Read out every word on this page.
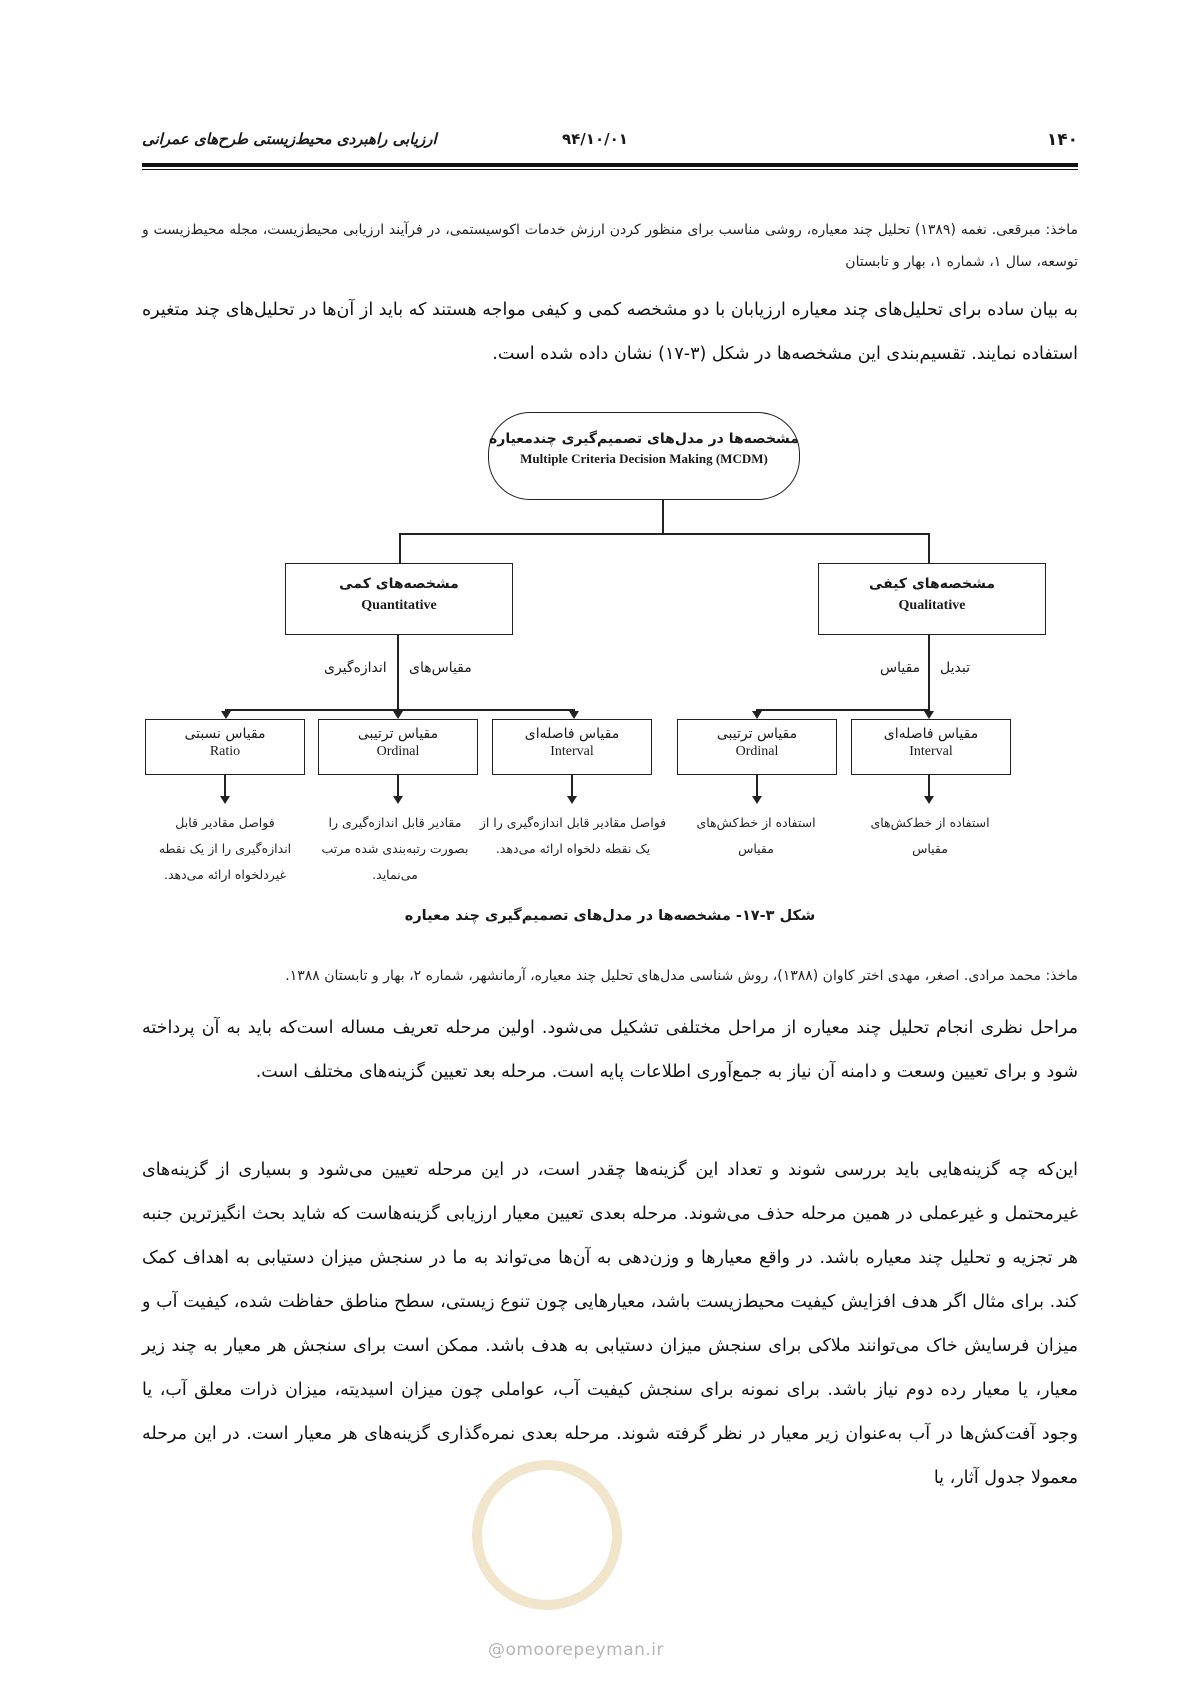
۱۴۰
۹۴/۱۰/۰۱
ارزیابی راهبردی محیط‌زیستی طرح‌های عمرانی
ماخذ: مبرقعی. نغمه (۱۳۸۹) تحلیل چند معیاره، روشی مناسب برای منظور کردن ارزش خدمات اکوسیستمی، در فرآیند ارزیابی محیط‌زیست، مجله محیط‌زیست و توسعه، سال ۱، شماره ۱، بهار و تابستان
به بیان ساده برای تحلیل‌های چند معیاره ارزیابان با دو مشخصه کمی و کیفی مواجه هستند که باید از آن‌ها در تحلیل‌های چند متغیره استفاده نمایند. تقسیم‌بندی این مشخصه‌ها در شکل (۳-۱۷) نشان داده شده است.
مشخصه‌ها در مدل‌های تصمیم‌گیری چندمعیاره
Multiple Criteria Decision Making (MCDM)
مشخصه‌های کمی
Quantitative
مشخصه‌های کیفی
Qualitative
مقیاس‌های
اندازه‌گیری	تبدیل
مقیاس
مقیاس نسبتی
Ratio
مقیاس ترتیبی
Ordinal
مقیاس فاصله‌ای
Interval
مقیاس ترتیبی
Ordinal
مقیاس فاصله‌ای
Interval
فواصل مقادیر قابل
اندازه‌گیری را از یک نقطه
غیردلخواه ارائه می‌دهد.
مقادیر قابل اندازه‌گیری را
بصورت رتبه‌بندی شده مرتب
می‌نماید.
فواصل مقادیر قابل اندازه‌گیری را از
یک نقطه دلخواه ارائه می‌دهد.
استفاده از خط‌کش‌های
مقیاس
استفاده از خط‌کش‌های
مقیاس
شکل ۳-۱۷- مشخصه‌ها در مدل‌های تصمیم‌گیری چند معیاره
ماخذ: محمد مرادی. اصغر، مهدی اختر کاوان (۱۳۸۸)، روش شناسی مدل‌های تحلیل چند معیاره، آرمانشهر، شماره ۲، بهار و تابستان ۱۳۸۸.
مراحل نظری انجام تحلیل چند معیاره از مراحل مختلفی تشکیل می‌شود. اولین مرحله تعریف مساله است‌که باید به آن پرداخته شود و برای تعیین وسعت و دامنه آن نیاز به جمع‌آوری اطلاعات پایه است. مرحله بعد تعیین گزینه‌های مختلف است.
این‌که چه گزینه‌هایی باید بررسی شوند و تعداد این گزینه‌ها چقدر است، در این مرحله تعیین می‌شود و بسیاری از گزینه‌های غیرمحتمل و غیرعملی در همین مرحله حذف می‌شوند. مرحله بعدی تعیین معیار ارزیابی گزینه‌هاست که شاید بحث انگیزترین جنبه هر تجزیه و تحلیل چند معیاره باشد. در واقع معیارها و وزن‌دهی به آن‌ها می‌تواند به ما در سنجش میزان دستیابی به اهداف کمک کند. برای مثال اگر هدف افزایش کیفیت محیط‌زیست باشد، معیارهایی چون تنوع زیستی، سطح مناطق حفاظت شده، کیفیت آب و میزان فرسایش خاک می‌توانند ملاکی برای سنجش میزان دستیابی به هدف باشد. ممکن است برای سنجش هر معیار به چند زیر معیار، یا معیار رده دوم نیاز باشد. برای نمونه برای سنجش کیفیت آب، عواملی چون میزان اسیدیته، میزان ذرات معلق آب، یا وجود آفت‌کش‌ها در آب به‌عنوان زیر معیار در نظر گرفته شوند. مرحله بعدی نمره‌گذاری گزینه‌های هر معیار است. در این مرحله معمولا جدول آثار، یا
@omoorepeyman.ir
